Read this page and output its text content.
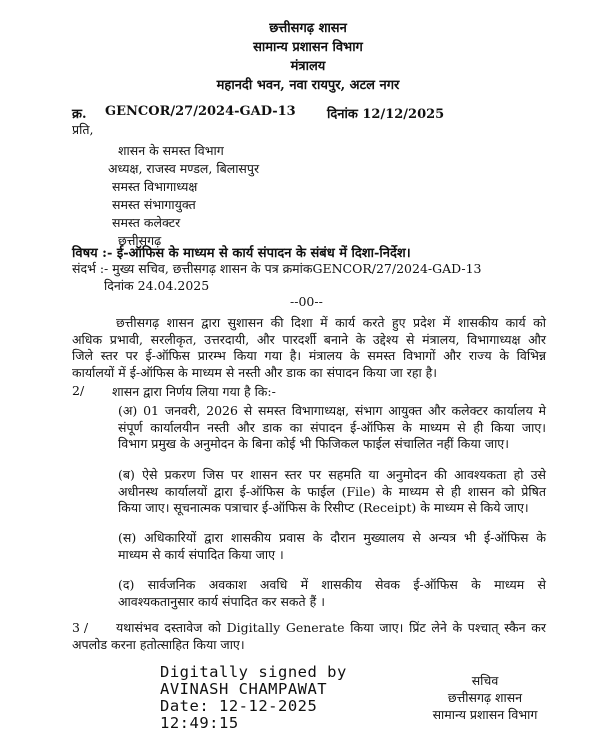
छत्तीसगढ़ शासन
सामान्य प्रशासन विभाग
मंत्रालय
महानदी भवन, नवा रायपुर, अटल नगर
क्र. GENCOR/27/2024-GAD-13 दिनांक 12/12/2025
प्रति,
शासन के समस्त विभाग
अध्यक्ष, राजस्व मण्डल, बिलासपुर
समस्त विभागाध्यक्ष
समस्त संभागायुक्त
समस्त कलेक्टर
छत्तीसगढ़
विषय :- ई-ऑफिस के माध्यम से कार्य संपादन के संबंध में दिशा-निर्देश।
संदर्भ :- मुख्य सचिव, छत्तीसगढ़ शासन के पत्र क्रमांकGENCOR/27/2024-GAD-13
दिनांक 24.04.2025
--00--
छत्तीसगढ़ शासन द्वारा सुशासन की दिशा में कार्य करते हुए प्रदेश में शासकीय कार्य को
अधिक प्रभावी, सरलीकृत, उत्तरदायी, और पारदर्शी बनाने के उद्देश्य से मंत्रालय, विभागाध्यक्ष और
जिले स्तर पर ई-ऑफिस प्रारम्भ किया गया है। मंत्रालय के समस्त विभागों और राज्य के विभिन्न
कार्यालयों में ई-ऑफिस के माध्यम से नस्ती और डाक का संपादन किया जा रहा है।
2/ शासन द्वारा निर्णय लिया गया है कि:-
(अ) 01 जनवरी, 2026 से समस्त विभागाध्यक्ष, संभाग आयुक्त और कलेक्टर कार्यालय मे
संपूर्ण कार्यालयीन नस्ती और डाक का संपादन ई-ऑफिस के माध्यम से ही किया जाए।
विभाग प्रमुख के अनुमोदन के बिना कोई भी फिजिकल फाईल संचालित नहीं किया जाए।
(ब) ऐसे प्रकरण जिस पर शासन स्तर पर सहमति या अनुमोदन की आवश्यकता हो उसे
अधीनस्थ कार्यालयों द्वारा ई-ऑफिस के फाईल (File) के माध्यम से ही शासन को प्रेषित
किया जाए। सूचनात्मक पत्राचार ई-ऑफिस के रिसीप्ट (Receipt) के माध्यम से किये जाए।
(स) अधिकारियों द्वारा शासकीय प्रवास के दौरान मुख्यालय से अन्यत्र भी ई-ऑफिस के
माध्यम से कार्य संपादित किया जाए ।
(द) सार्वजनिक अवकाश अवधि में शासकीय सेवक ई-ऑफिस के माध्यम से
आवश्यकतानुसार कार्य संपादित कर सकते हैं ।
3 /	यथासंभव दस्तावेज को Digitally Generate किया जाए। प्रिंट लेने के पश्चात् स्कैन कर
अपलोड करना हतोत्साहित किया जाए।
Digitally signed by
AVINASH CHAMPAWAT
Date: 12-12-2025
12:49:15
सचिव
छत्तीसगढ़ शासन
सामान्य प्रशासन विभाग
